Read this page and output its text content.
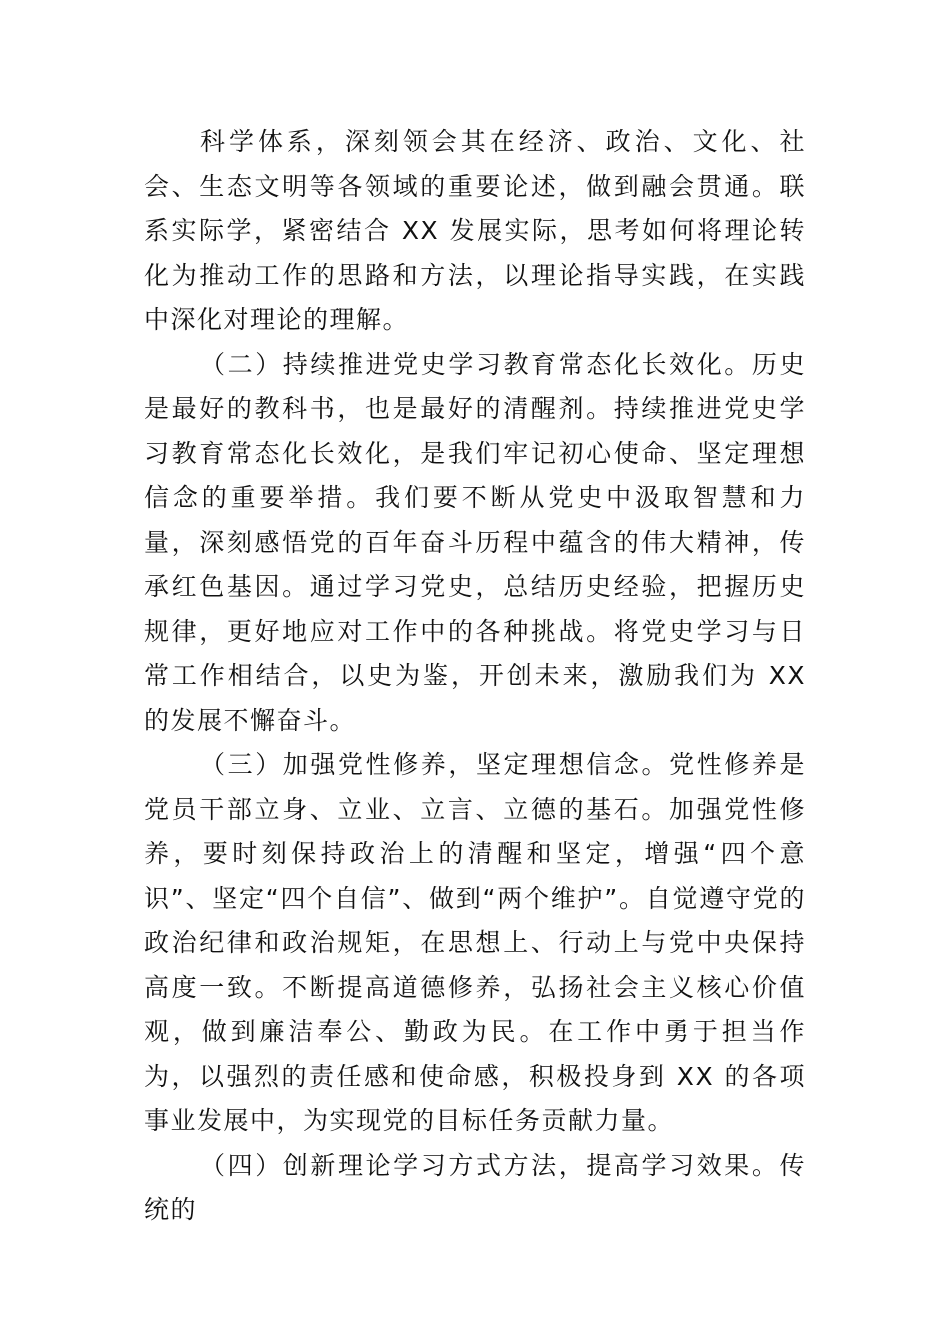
科学体系，深刻领会其在经济、政治、文化、社会、生态文明等各领域的重要论述，做到融会贯通。联系实际学，紧密结合 XX 发展实际，思考如何将理论转化为推动工作的思路和方法，以理论指导实践，在实践中深化对理论的理解。

（二）持续推进党史学习教育常态化长效化。历史是最好的教科书，也是最好的清醒剂。持续推进党史学习教育常态化长效化，是我们牢记初心使命、坚定理想信念的重要举措。我们要不断从党史中汲取智慧和力量，深刻感悟党的百年奋斗历程中蕴含的伟大精神，传承红色基因。通过学习党史，总结历史经验，把握历史规律，更好地应对工作中的各种挑战。将党史学习与日常工作相结合，以史为鉴，开创未来，激励我们为 XX 的发展不懈奋斗。

（三）加强党性修养，坚定理想信念。党性修养是党员干部立身、立业、立言、立德的基石。加强党性修养，要时刻保持政治上的清醒和坚定，增强“四个意识”、坚定“四个自信”、做到“两个维护”。自觉遵守党的政治纪律和政治规矩，在思想上、行动上与党中央保持高度一致。不断提高道德修养，弘扬社会主义核心价值观，做到廉洁奉公、勤政为民。在工作中勇于担当作为，以强烈的责任感和使命感，积极投身到 XX 的各项事业发展中，为实现党的目标任务贡献力量。

（四）创新理论学习方式方法，提高学习效果。传统的
